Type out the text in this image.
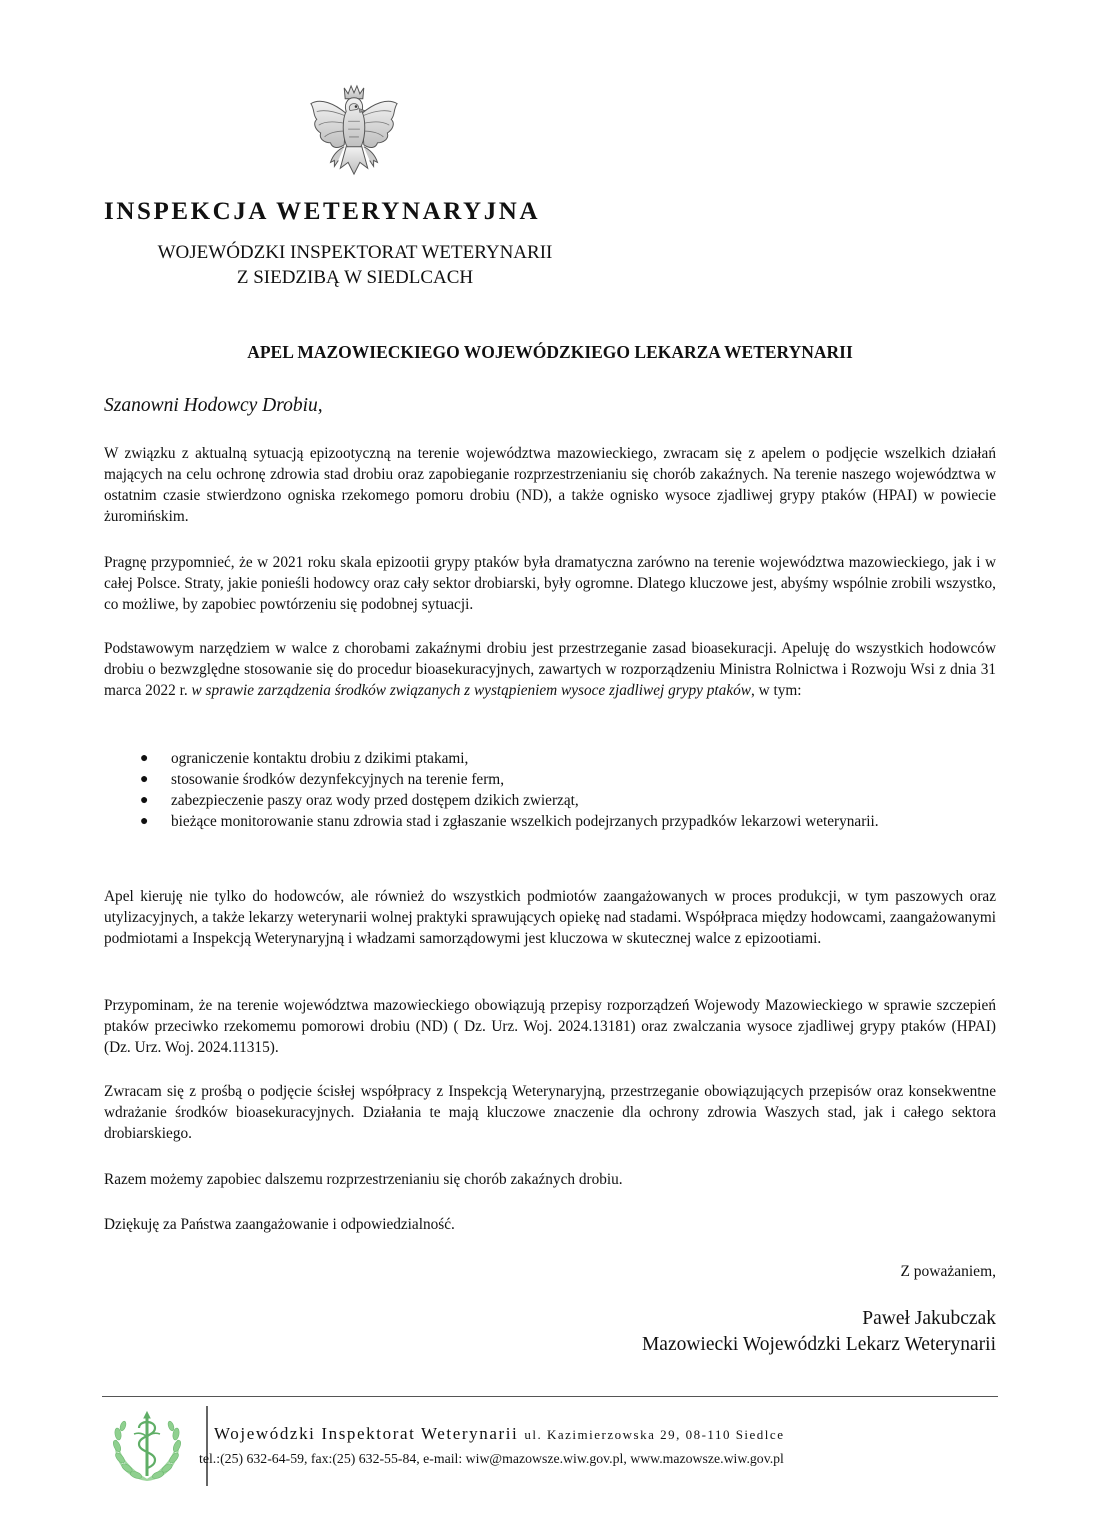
INSPEKCJA WETERYNARYJNA
WOJEWÓDZKI INSPEKTORAT WETERYNARII
Z SIEDZIBĄ W SIEDLCACH
APEL MAZOWIECKIEGO WOJEWÓDZKIEGO LEKARZA WETERYNARII
Szanowni Hodowcy Drobiu,

W związku z aktualną sytuacją epizootyczną na terenie województwa mazowieckiego, zwracam się z apelem o podjęcie wszelkich działań mających na celu ochronę zdrowia stad drobiu oraz zapobieganie rozprzestrzenianiu się chorób zakaźnych. Na terenie naszego województwa w ostatnim czasie stwierdzono ogniska rzekomego pomoru drobiu (ND), a także ognisko wysoce zjadliwej grypy ptaków (HPAI) w powiecie żuromińskim.

Pragnę przypomnieć, że w 2021 roku skala epizootii grypy ptaków była dramatyczna zarówno na terenie województwa mazowieckiego, jak i w całej Polsce. Straty, jakie ponieśli hodowcy oraz cały sektor drobiarski, były ogromne. Dlatego kluczowe jest, abyśmy wspólnie zrobili wszystko, co możliwe, by zapobiec powtórzeniu się podobnej sytuacji.

Podstawowym narzędziem w walce z chorobami zakaźnymi drobiu jest przestrzeganie zasad bioasekuracji. Apeluję do wszystkich hodowców drobiu o bezwzględne stosowanie się do procedur bioasekuracyjnych, zawartych w rozporządzeniu Ministra Rolnictwa i Rozwoju Wsi z dnia 31 marca 2022 r. w sprawie zarządzenia środków związanych z wystąpieniem wysoce zjadliwej grypy ptaków, w tym:

● ograniczenie kontaktu drobiu z dzikimi ptakami,
● stosowanie środków dezynfekcyjnych na terenie ferm,
● zabezpieczenie paszy oraz wody przed dostępem dzikich zwierząt,
● bieżące monitorowanie stanu zdrowia stad i zgłaszanie wszelkich podejrzanych przypadków lekarzowi weterynarii.

Apel kieruję nie tylko do hodowców, ale również do wszystkich podmiotów zaangażowanych w proces produkcji, w tym paszowych oraz utylizacyjnych, a także lekarzy weterynarii wolnej praktyki sprawujących opiekę nad stadami. Współpraca między hodowcami, zaangażowanymi podmiotami a Inspekcją Weterynaryjną i władzami samorządowymi jest kluczowa w skutecznej walce z epizootiami.

Przypominam, że na terenie województwa mazowieckiego obowiązują przepisy rozporządzeń Wojewody Mazowieckiego w sprawie szczepień ptaków przeciwko rzekomemu pomorowi drobiu (ND) ( Dz. Urz. Woj. 2024.13181) oraz zwalczania wysoce zjadliwej grypy ptaków (HPAI) (Dz. Urz. Woj. 2024.11315).

Zwracam się z prośbą o podjęcie ścisłej współpracy z Inspekcją Weterynaryjną, przestrzeganie obowiązujących przepisów oraz konsekwentne wdrażanie środków bioasekuracyjnych. Działania te mają kluczowe znaczenie dla ochrony zdrowia Waszych stad, jak i całego sektora drobiarskiego.

Razem możemy zapobiec dalszemu rozprzestrzenianiu się chorób zakaźnych drobiu.

Dziękuję za Państwa zaangażowanie i odpowiedzialność.

Z poważaniem,
Paweł Jakubczak
Mazowiecki Wojewódzki Lekarz Weterynarii
Wojewódzki Inspektorat Weterynarii ul. Kazimierzowska 29, 08-110 Siedlce
tel.:(25) 632-64-59, fax:(25) 632-55-84, e-mail: wiw@mazowsze.wiw.gov.pl, www.mazowsze.wiw.gov.pl
